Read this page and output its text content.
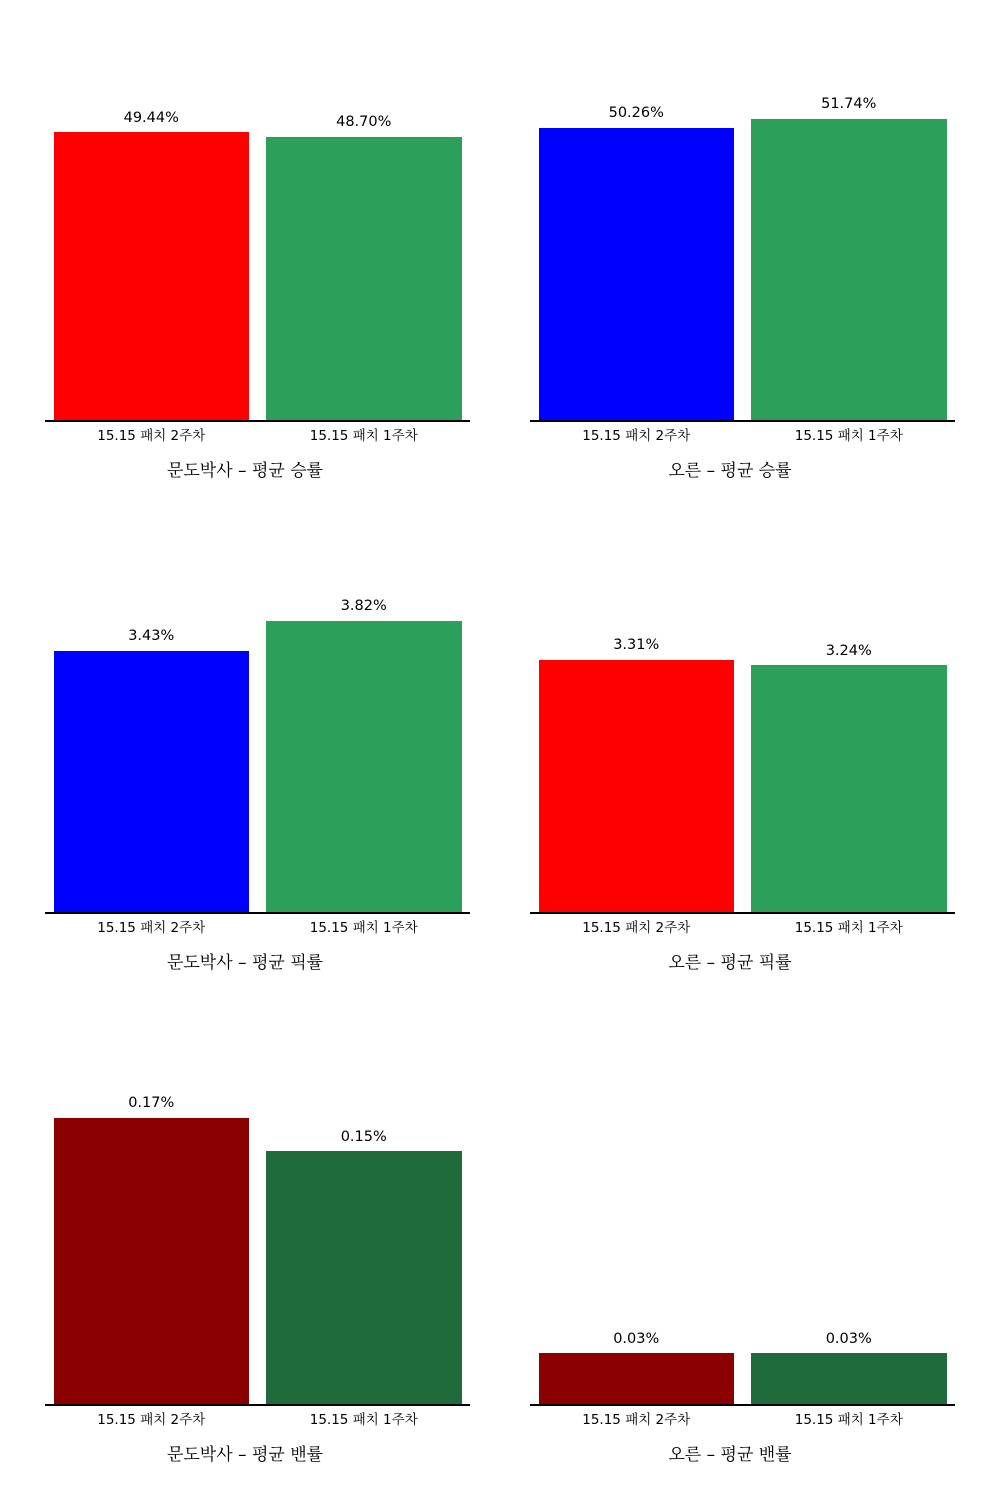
49.44%	48.70%
15.15 패치 2주차	15.15 패치 1주차
문도박사 – 평균 승률
50.26%
51.74%
15.15 패치 2주차	15.15 패치 1주차
오른 – 평균 승률
3.43%
3.82%
15.15 패치 2주차	15.15 패치 1주차
문도박사 – 평균 픽률
3.31%	3.24%
15.15 패치 2주차	15.15 패치 1주차
오른 – 평균 픽률
0.17%
0.15%
15.15 패치 2주차	15.15 패치 1주차
문도박사 – 평균 밴률
0.03%	0.03%
15.15 패치 2주차	15.15 패치 1주차
오른 – 평균 밴률
